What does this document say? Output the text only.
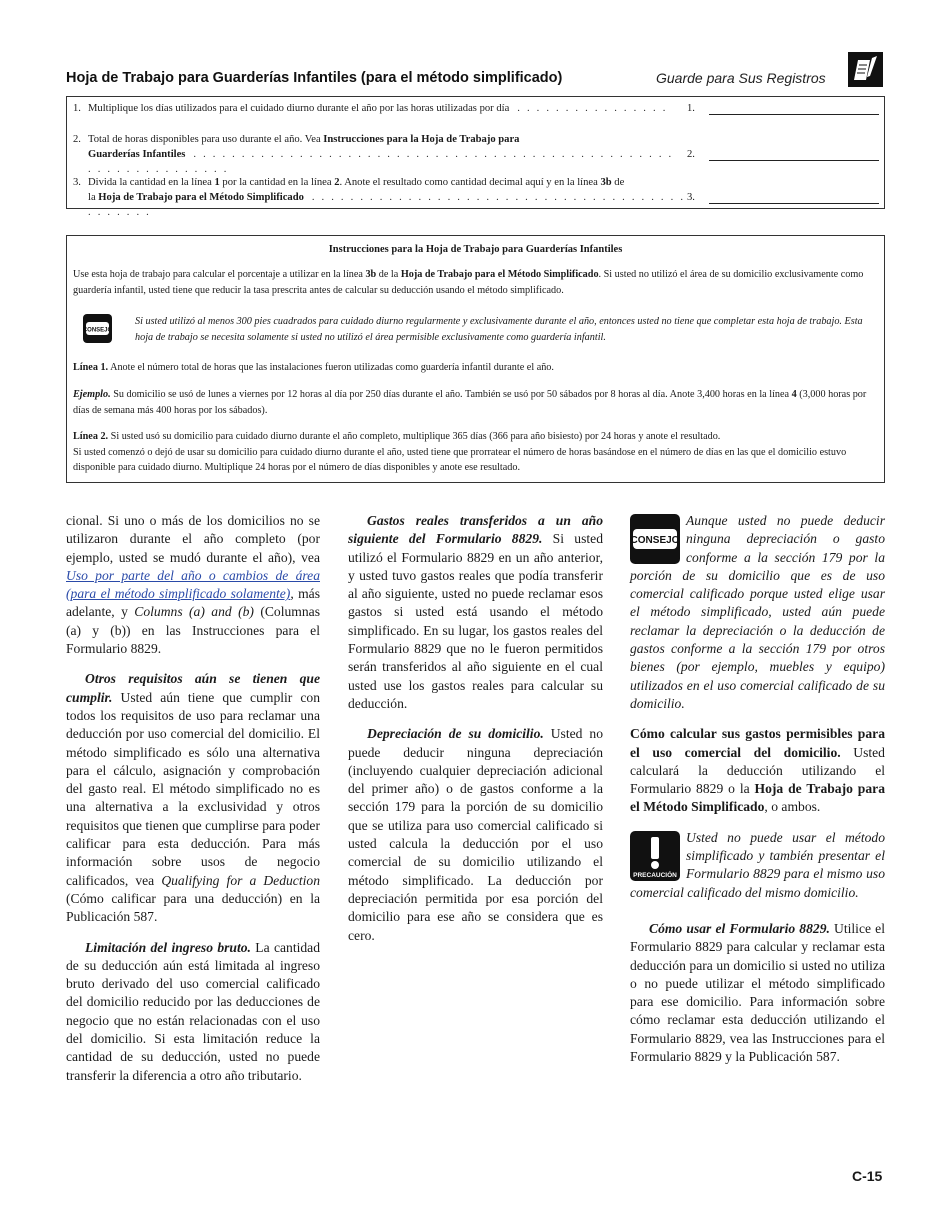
Hoja de Trabajo para Guarderías Infantiles (para el método simplificado)	Guarde para Sus Registros
1. Multiplique los días utilizados para el cuidado diurno durante el año por las horas utilizadas por día . . . . . . . . . . . . . . . .	1.
2. Total de horas disponibles para uso durante el año. Vea Instrucciones para la Hoja de Trabajo para
Guarderías Infantiles . . . . . . . . . . . . . . . . . . . . . . . . . . . . . . . . . . . . . . . . . . . . . . . . . . . . . . . . . . . . . . . . .
2.
3. Divida la cantidad en la línea 1 por la cantidad en la línea 2. Anote el resultado como cantidad decimal aquí y en la línea 3b de
la Hoja de Trabajo para el Método Simplificado . . . . . . . . . . . . . . . . . . . . . . . . . . . . . . . . . . . . . . . . . . . . . .
3.
Instrucciones para la Hoja de Trabajo para Guarderías Infantiles
Use esta hoja de trabajo para calcular el porcentaje a utilizar en la línea 3b de la Hoja de Trabajo para el Método Simplificado. Si usted no utilizó el área de su domicilio exclusivamente como guardería infantil, usted tiene que reducir la tasa prescrita antes de calcular su deducción usando el método simplificado.
CONSEJO
Si usted utilizó al menos 300 pies cuadrados para cuidado diurno regularmente y exclusivamente durante el año, entonces usted no tiene que completar esta hoja de trabajo. Esta hoja de trabajo se necesita solamente si usted no utilizó el área permisible exclusivamente como guardería infantil.
Línea 1. Anote el número total de horas que las instalaciones fueron utilizadas como guardería infantil durante el año.
Ejemplo. Su domicilio se usó de lunes a viernes por 12 horas al día por 250 días durante el año. También se usó por 50 sábados por 8 horas al día. Anote 3,400 horas en la línea 4 (3,000 horas por días de semana más 400 horas por los sábados).
Línea 2. Si usted usó su domicilio para cuidado diurno durante el año completo, multiplique 365 días (366 para año bisiesto) por 24 horas y anote el resultado.
Si usted comenzó o dejó de usar su domicilio para cuidado diurno durante el año, usted tiene que prorratear el número de horas basándose en el número de días en las que el domicilio estuvo disponible para cuidado diurno. Multiplique 24 horas por el número de días disponibles y anote ese resultado.

cional. Si uno o más de los domicilios no se utilizaron durante el año completo (por ejemplo, usted se mudó durante el año), vea Uso por parte del año o cambios de área (para el método simplificado solamente), más adelante, y Columns (a) and (b) (Columnas (a) y (b)) en las Instrucciones para el Formulario 8829.

Otros requisitos aún se tienen que cumplir. Usted aún tiene que cumplir con todos los requisitos de uso para reclamar una deducción por uso comercial del domicilio. El método simplificado es sólo una alternativa para el cálculo, asignación y comprobación del gasto real. El método simplificado no es una alternativa a la exclusividad y otros requisitos que tienen que cumplirse para poder calificar para esta deducción. Para más información sobre usos de negocio calificados, vea Qualifying for a Deduction (Cómo calificar para una deducción) en la Publicación 587.

Limitación del ingreso bruto. La cantidad de su deducción aún está limitada al ingreso bruto derivado del uso comercial calificado del domicilio reducido por las deducciones de negocio que no están relacionadas con el uso del domicilio. Si esta limitación reduce la cantidad de su deducción, usted no puede transferir la diferencia a otro año tributario.

Gastos reales transferidos a un año siguiente del Formulario 8829. Si usted utilizó el Formulario 8829 en un año anterior, y usted tuvo gastos reales que podía transferir al año siguiente, usted no puede reclamar esos gastos si usted está usando el método simplificado. En su lugar, los gastos reales del Formulario 8829 que no le fueron permitidos serán transferidos al año siguiente en el cual usted use los gastos reales para calcular su deducción.

Depreciación de su domicilio. Usted no puede deducir ninguna depreciación (incluyendo cualquier depreciación adicional del primer año) o de gastos conforme a la sección 179 para la porción de su domicilio que se utiliza para uso comercial calificado si usted calcula la deducción por el uso comercial de su domicilio utilizando el método simplificado. La deducción por depreciación permitida por esa porción del domicilio para ese año se considera que es cero.

CONSEJO
Aunque usted no puede deducir ninguna depreciación o gasto conforme a la sección 179 por la porción de su domicilio que es de uso comercial calificado porque usted elige usar el método simplificado, usted aún puede reclamar la depreciación o la deducción de gastos conforme a la sección 179 por otros bienes (por ejemplo, muebles y equipo) utilizados en el uso comercial calificado de su domicilio.

Cómo calcular sus gastos permisibles para el uso comercial del domicilio. Usted calculará la deducción utilizando el Formulario 8829 o la Hoja de Trabajo para el Método Simplificado, o ambos.

PRECAUCIÓN
Usted no puede usar el método simplificado y también presentar el Formulario 8829 para el mismo uso comercial calificado del mismo domicilio.

Cómo usar el Formulario 8829. Utilice el Formulario 8829 para calcular y reclamar esta deducción para un domicilio si usted no utiliza o no puede utilizar el método simplificado para ese domicilio. Para información sobre cómo reclamar esta deducción utilizando el Formulario 8829, vea las Instrucciones para el Formulario 8829 y la Publicación 587.

C-15
